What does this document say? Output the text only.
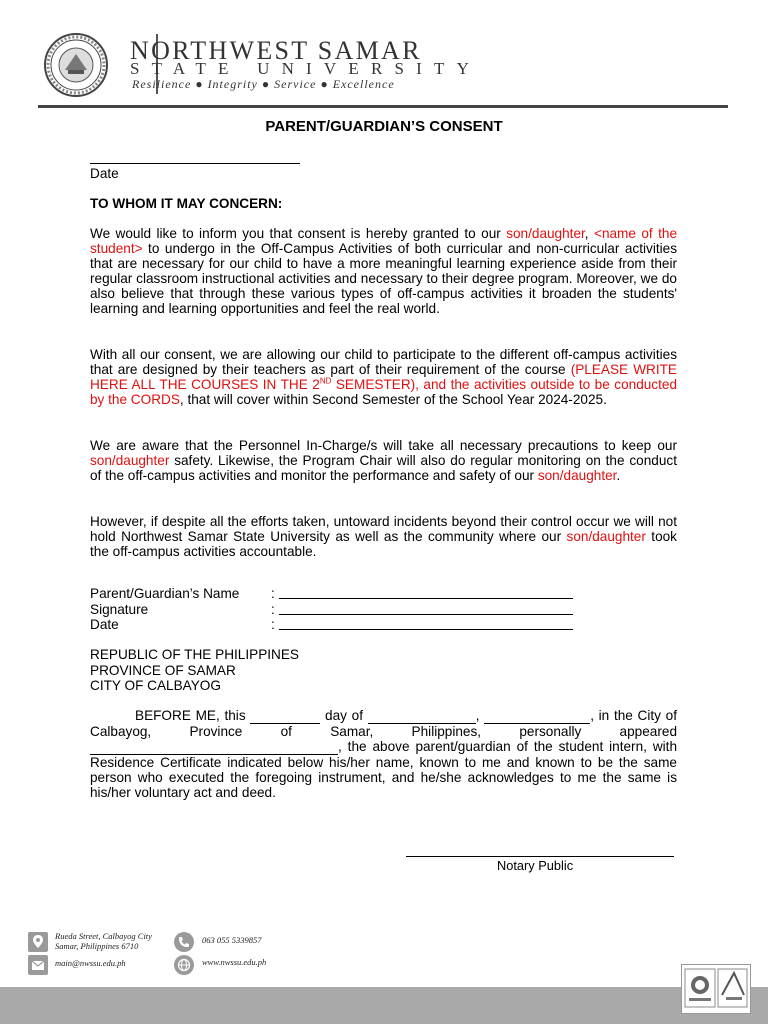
NORTHWEST SAMAR
STATE UNIVERSITY
Resilience ● Integrity ● Service ● Excellence
PARENT/GUARDIAN’S CONSENT
Date
TO WHOM IT MAY CONCERN:
We would like to inform you that consent is hereby granted to our son/daughter, <name of the student> to undergo in the Off-Campus Activities of both curricular and non-curricular activities that are necessary for our child to have a more meaningful learning experience aside from their regular classroom instructional activities and necessary to their degree program. Moreover, we do also believe that through these various types of off-campus activities it broaden the students' learning and learning opportunities and feel the real world.
With all our consent, we are allowing our child to participate to the different off-campus activities that are designed by their teachers as part of their requirement of the course (PLEASE WRITE HERE ALL THE COURSES IN THE 2ND SEMESTER), and the activities outside to be conducted by the CORDS, that will cover within Second Semester of the School Year 2024-2025.
We are aware that the Personnel In-Charge/s will take all necessary precautions to keep our son/daughter safety. Likewise, the Program Chair will also do regular monitoring on the conduct of the off-campus activities and monitor the performance and safety of our son/daughter.
However, if despite all the efforts taken, untoward incidents beyond their control occur we will not hold Northwest Samar State University as well as the community where our son/daughter took the off-campus activities accountable.
Parent/Guardian’s Name :
Signature	:
Date	:
REPUBLIC OF THE PHILIPPINES
PROVINCE OF SAMAR
CITY OF CALBAYOG
BEFORE ME, this	day of	,	, in the City of Calbayog, Province of Samar, Philippines, personally appeared  , the above parent/guardian of the student intern, with Residence Certificate indicated below his/her name, known to me and known to be the same person who executed the foregoing instrument, and he/she acknowledges to me the same is his/her voluntary act and deed.
Notary Public
Rueda Street, Calbayog City
Samar, Philippines 6710
063 055 5339857
main@nwssu.edu.ph	www.nwssu.edu.ph
